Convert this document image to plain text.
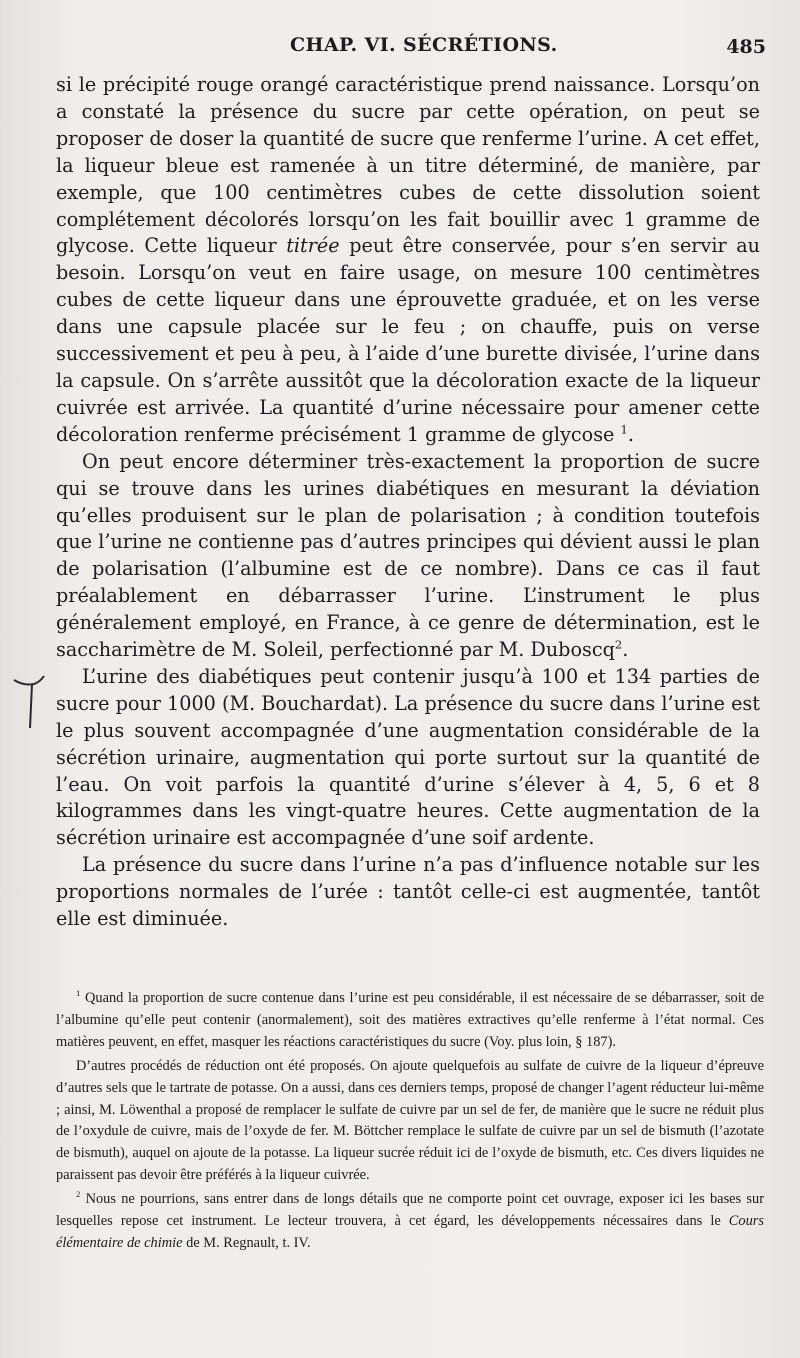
CHAP. VI. SÉCRÉTIONS.	485

si le précipité rouge orangé caractéristique prend naissance. Lorsqu’on a constaté la présence du sucre par cette opération, on peut se proposer de doser la quantité de sucre que renferme l’urine. A cet effet, la liqueur bleue est ramenée à un titre déterminé, de manière, par exemple, que 100 centimètres cubes de cette dissolution soient complétement décolorés lorsqu’on les fait bouillir avec 1 gramme de glycose. Cette liqueur titrée peut être conservée, pour s’en servir au besoin. Lorsqu’on veut en faire usage, on mesure 100 centimètres cubes de cette liqueur dans une éprouvette graduée, et on les verse dans une capsule placée sur le feu ; on chauffe, puis on verse successivement et peu à peu, à l’aide d’une burette divisée, l’urine dans la capsule. On s’arrête aussitôt que la décoloration exacte de la liqueur cuivrée est arrivée. La quantité d’urine nécessaire pour amener cette décoloration renferme précisément 1 gramme de glycose $^1$.

On peut encore déterminer très-exactement la proportion de sucre qui se trouve dans les urines diabétiques en mesurant la déviation qu’elles produisent sur le plan de polarisation ; à condition toutefois que l’urine ne contienne pas d’autres principes qui dévient aussi le plan de polarisation (l’albumine est de ce nombre). Dans ce cas il faut préalablement en débarrasser l’urine. L’instrument le plus généralement employé, en France, à ce genre de détermination, est le saccharimètre de M. Soleil, perfectionné par M. Duboscq$^2$.

L’urine des diabétiques peut contenir jusqu’à 100 et 134 parties de sucre pour 1000 (M. Bouchardat). La présence du sucre dans l’urine est le plus souvent accompagnée d’une augmentation considérable de la sécrétion urinaire, augmentation qui porte surtout sur la quantité de l’eau. On voit parfois la quantité d’urine s’élever à 4, 5, 6 et 8 kilogrammes dans les vingt-quatre heures. Cette augmentation de la sécrétion urinaire est accompagnée d’une soif ardente.

La présence du sucre dans l’urine n’a pas d’influence notable sur les proportions normales de l’urée : tantôt celle-ci est augmentée, tantôt elle est diminuée.

$^1$ Quand la proportion de sucre contenue dans l’urine est peu considérable, il est nécessaire de se débarrasser, soit de l’albumine qu’elle peut contenir (anormalement), soit des matières extractives qu’elle renferme à l’état normal. Ces matières peuvent, en effet, masquer les réactions caractéristiques du sucre (Voy. plus loin, § 187).

D’autres procédés de réduction ont été proposés. On ajoute quelquefois au sulfate de cuivre de la liqueur d’épreuve d’autres sels que le tartrate de potasse. On a aussi, dans ces derniers temps, proposé de changer l’agent réducteur lui-même ; ainsi, M. Löwenthal a proposé de remplacer le sulfate de cuivre par un sel de fer, de manière que le sucre ne réduit plus de l’oxydule de cuivre, mais de l’oxyde de fer. M. Böttcher remplace le sulfate de cuivre par un sel de bismuth (l’azotate de bismuth), auquel on ajoute de la potasse. La liqueur sucrée réduit ici de l’oxyde de bismuth, etc. Ces divers liquides ne paraissent pas devoir être préférés à la liqueur cuivrée.

$^2$ Nous ne pourrions, sans entrer dans de longs détails que ne comporte point cet ouvrage, exposer ici les bases sur lesquelles repose cet instrument. Le lecteur trouvera, à cet égard, les développements nécessaires dans le Cours élémentaire de chimie de M. Regnault, t. IV.
